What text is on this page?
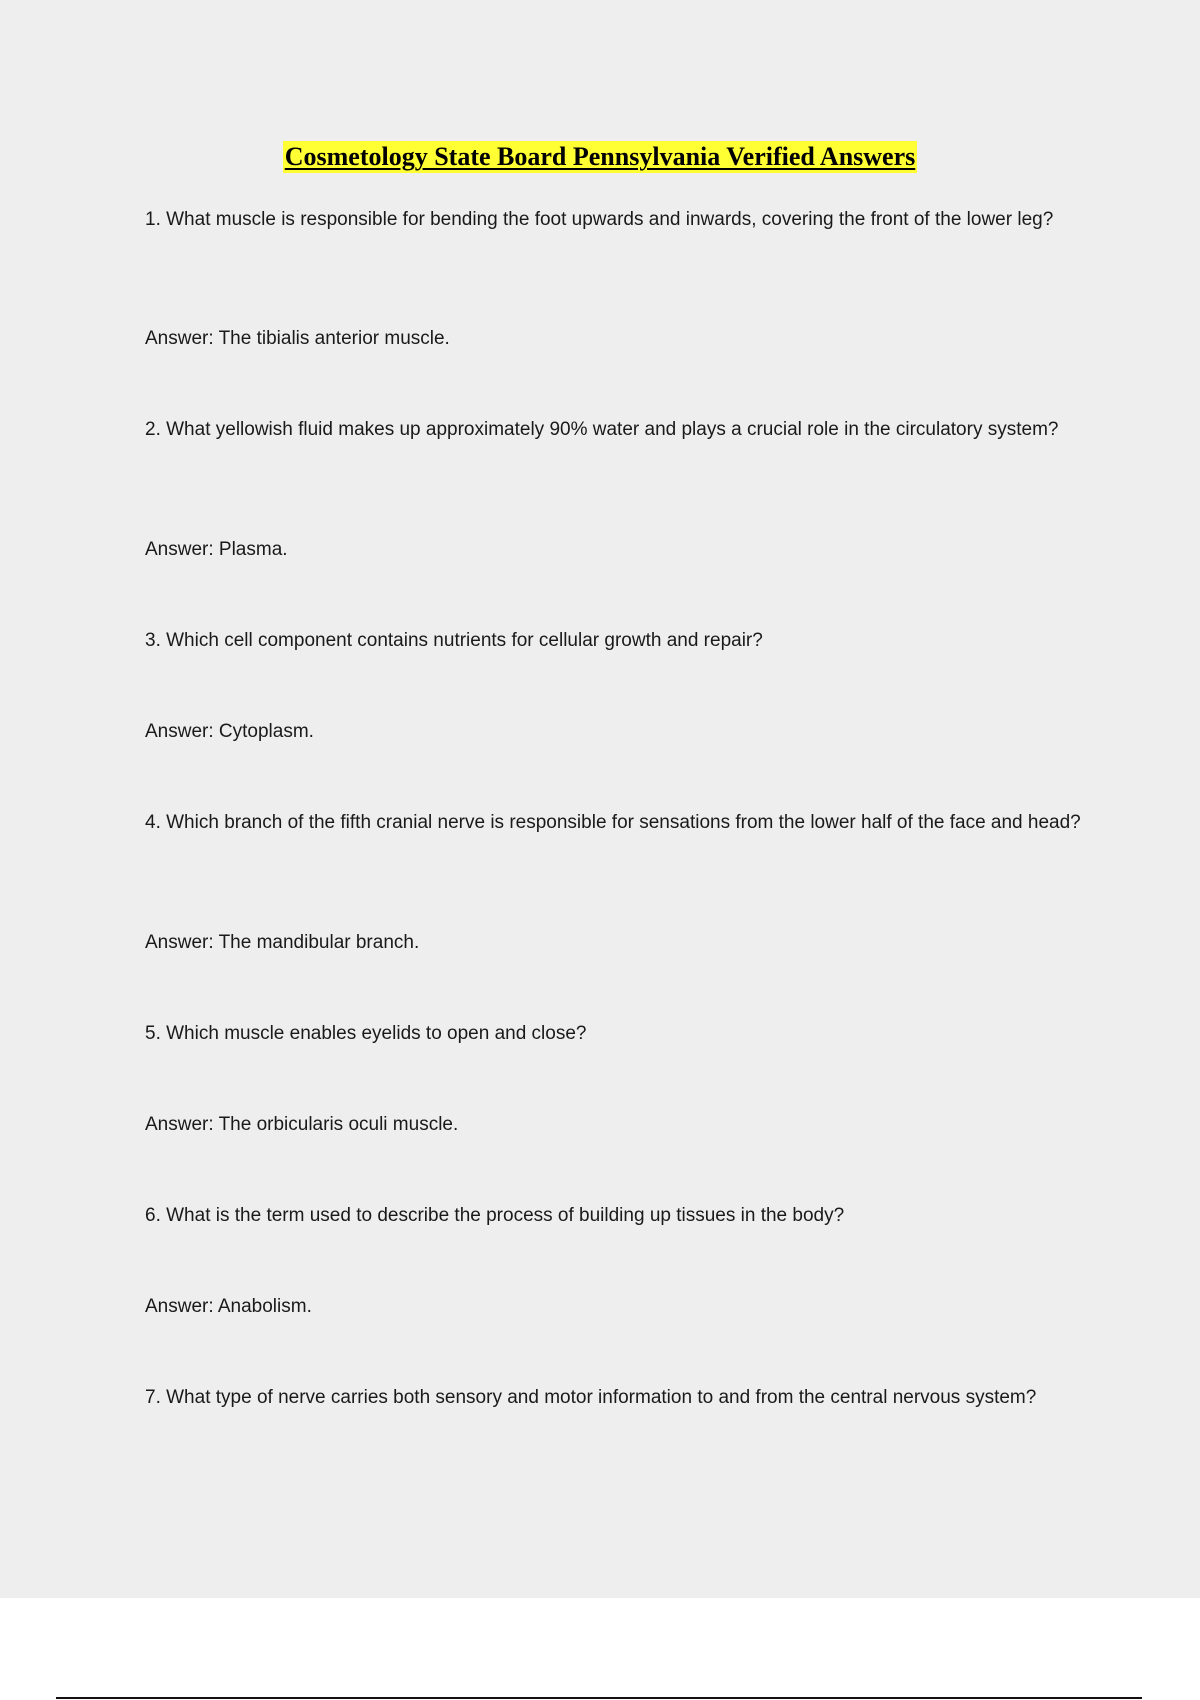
Cosmetology State Board Pennsylvania Verified Answers
1. What muscle is responsible for bending the foot upwards and inwards, covering the front of the lower leg?
Answer: The tibialis anterior muscle.
2. What yellowish fluid makes up approximately 90% water and plays a crucial role in the circulatory system?
Answer: Plasma.
3. Which cell component contains nutrients for cellular growth and repair?
Answer: Cytoplasm.
4. Which branch of the fifth cranial nerve is responsible for sensations from the lower half of the face and head?
Answer: The mandibular branch.
5. Which muscle enables eyelids to open and close?
Answer: The orbicularis oculi muscle.
6. What is the term used to describe the process of building up tissues in the body?
Answer: Anabolism.
7. What type of nerve carries both sensory and motor information to and from the central nervous system?
